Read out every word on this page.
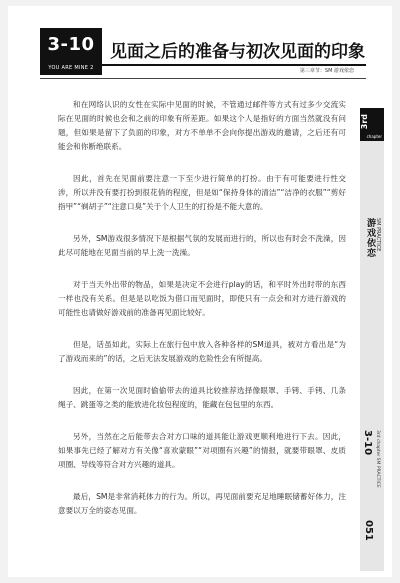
3-10
YOU ARE MINE 2
见面之后的准备与初次见面的印象
第三章节：SM 游戏依恋

和在网络认识的女性在实际中见面的时候，不管通过邮件等方式有过多少交流实际在见面的时候也会和之前的印象有所差距。如果这个人是指好的方面当然就没有问题，但如果是留下了负面的印象，对方不单单不会向你提出游戏的邀请，之后还有可能会和你断绝联系。

因此，首先在见面前要注意一下至少进行简单的打扮。由于有可能要进行性交涉，所以并没有要打扮到很花俏的程度，但是如“保持身体的清洁”“洁净的衣服”“剪好指甲”“剃胡子”“注意口臭”关于个人卫生的打扮是不能大意的。

另外，SM游戏很多情况下是根据气氛的发展而进行的，所以也有时会不洗澡，因此尽可能地在见面当前的早上洗一洗澡。

对于当天外出带的物品，如果是决定不会进行play的话，和平时外出时带的东西一样也没有关系。但是是以吃饭为借口而见面时，即使只有一点会和对方进行游戏的可能性也请做好游戏前的准备再见面比较好。

但是，话虽如此，实际上在旅行包中放入各种各样的SM道具，被对方看出是“为了游戏而来的”的话，之后无法发展游戏的危险性会有所提高。

因此，在第一次见面时偷偷带去的道具比较推荐选择像眼罩、手铐、手铐、几条绳子、跳蛋等之类的能放进化妆包程度的，能藏在包包里的东西。

另外，当然在之后能带去合对方口味的道具能让游戏更顺利地进行下去。因此，如果事先已经了解对方有关像“喜欢蒙眼”“对项圈有兴趣”的情报，就要带眼罩、皮质项圈、导线等符合对方兴趣的道具。

最后，SM是非常消耗体力的行为。所以，再见面前要充足地睡眠储蓄好体力，注意要以万全的姿态见面。

3rd
chapter
游戏依恋 SM PRACTICE
3-10 3rd chapter SM PRACTICE
051
